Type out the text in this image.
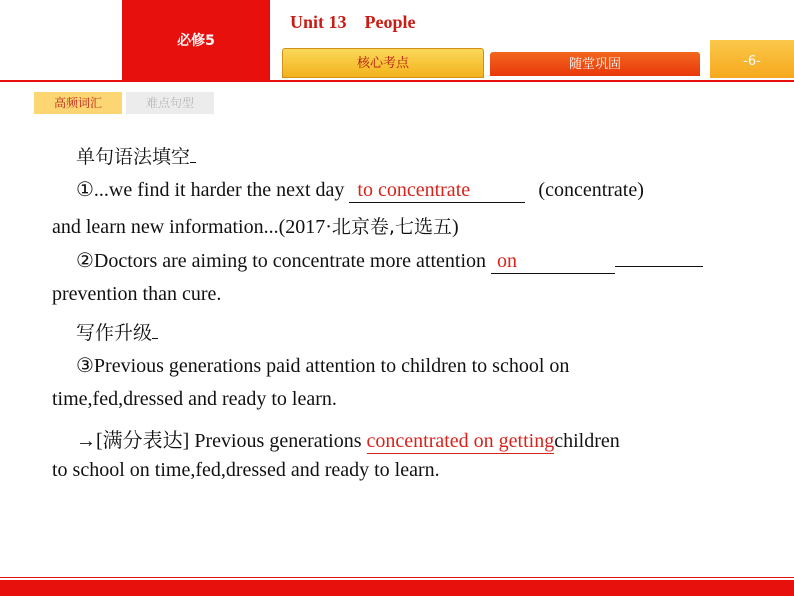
必修5
Unit 13 People
核心考点	随堂巩固	-6-
高频词汇	难点句型
单句语法填空
①...we find it harder the next day to concentrate	(concentrate)
and learn new information...(2017·北京卷,七选五)
②Doctors are aiming to concentrate more attention on
prevention than cure.
写作升级
③Previous generations paid attention to children to school on
time,fed,dressed and ready to learn.
→[满分表达] Previous generations concentrated on gettingchildren
to school on time,fed,dressed and ready to learn.
